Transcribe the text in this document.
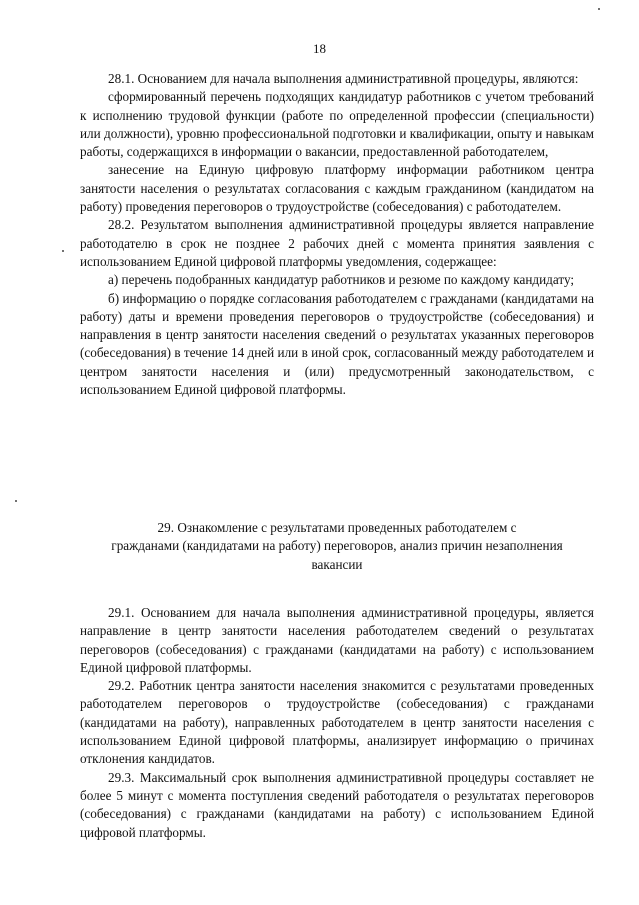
18

28.1. Основанием для начала выполнения административной процедуры, являются:

сформированный перечень подходящих кандидатур работников с учетом требований к исполнению трудовой функции (работе по определенной профессии (специальности) или должности), уровню профессиональной подготовки и квалификации, опыту и навыкам работы, содержащихся в информации о вакансии, предоставленной работодателем,

занесение на Единую цифровую платформу информации работником центра занятости населения о результатах согласования с каждым гражданином (кандидатом на работу) проведения переговоров о трудоустройстве (собеседования) с работодателем.

28.2. Результатом выполнения административной процедуры является направление работодателю в срок не позднее 2 рабочих дней с момента принятия заявления с использованием Единой цифровой платформы уведомления, содержащее:

а) перечень подобранных кандидатур работников и резюме по каждому кандидату;

б) информацию о порядке согласования работодателем с гражданами (кандидатами на работу) даты и времени проведения переговоров о трудоустройстве (собеседования) и направления в центр занятости населения сведений о результатах указанных переговоров (собеседования) в течение 14 дней или в иной срок, согласованный между работодателем и центром занятости населения и (или) предусмотренный законодательством, с использованием Единой цифровой платформы.

29. Ознакомление с результатами проведенных работодателем с
гражданами (кандидатами на работу) переговоров, анализ причин незаполнения
вакансии

29.1. Основанием для начала выполнения административной процедуры, является направление в центр занятости населения работодателем сведений о результатах переговоров (собеседования) с гражданами (кандидатами на работу) с использованием Единой цифровой платформы.

29.2. Работник центра занятости населения знакомится с результатами проведенных работодателем переговоров о трудоустройстве (собеседования) с гражданами (кандидатами на работу), направленных работодателем в центр занятости населения с использованием Единой цифровой платформы, анализирует информацию о причинах отклонения кандидатов.

29.3. Максимальный срок выполнения административной процедуры составляет не более 5 минут с момента поступления сведений работодателя о результатах переговоров (собеседования) с гражданами (кандидатами на работу) с использованием Единой цифровой платформы.
